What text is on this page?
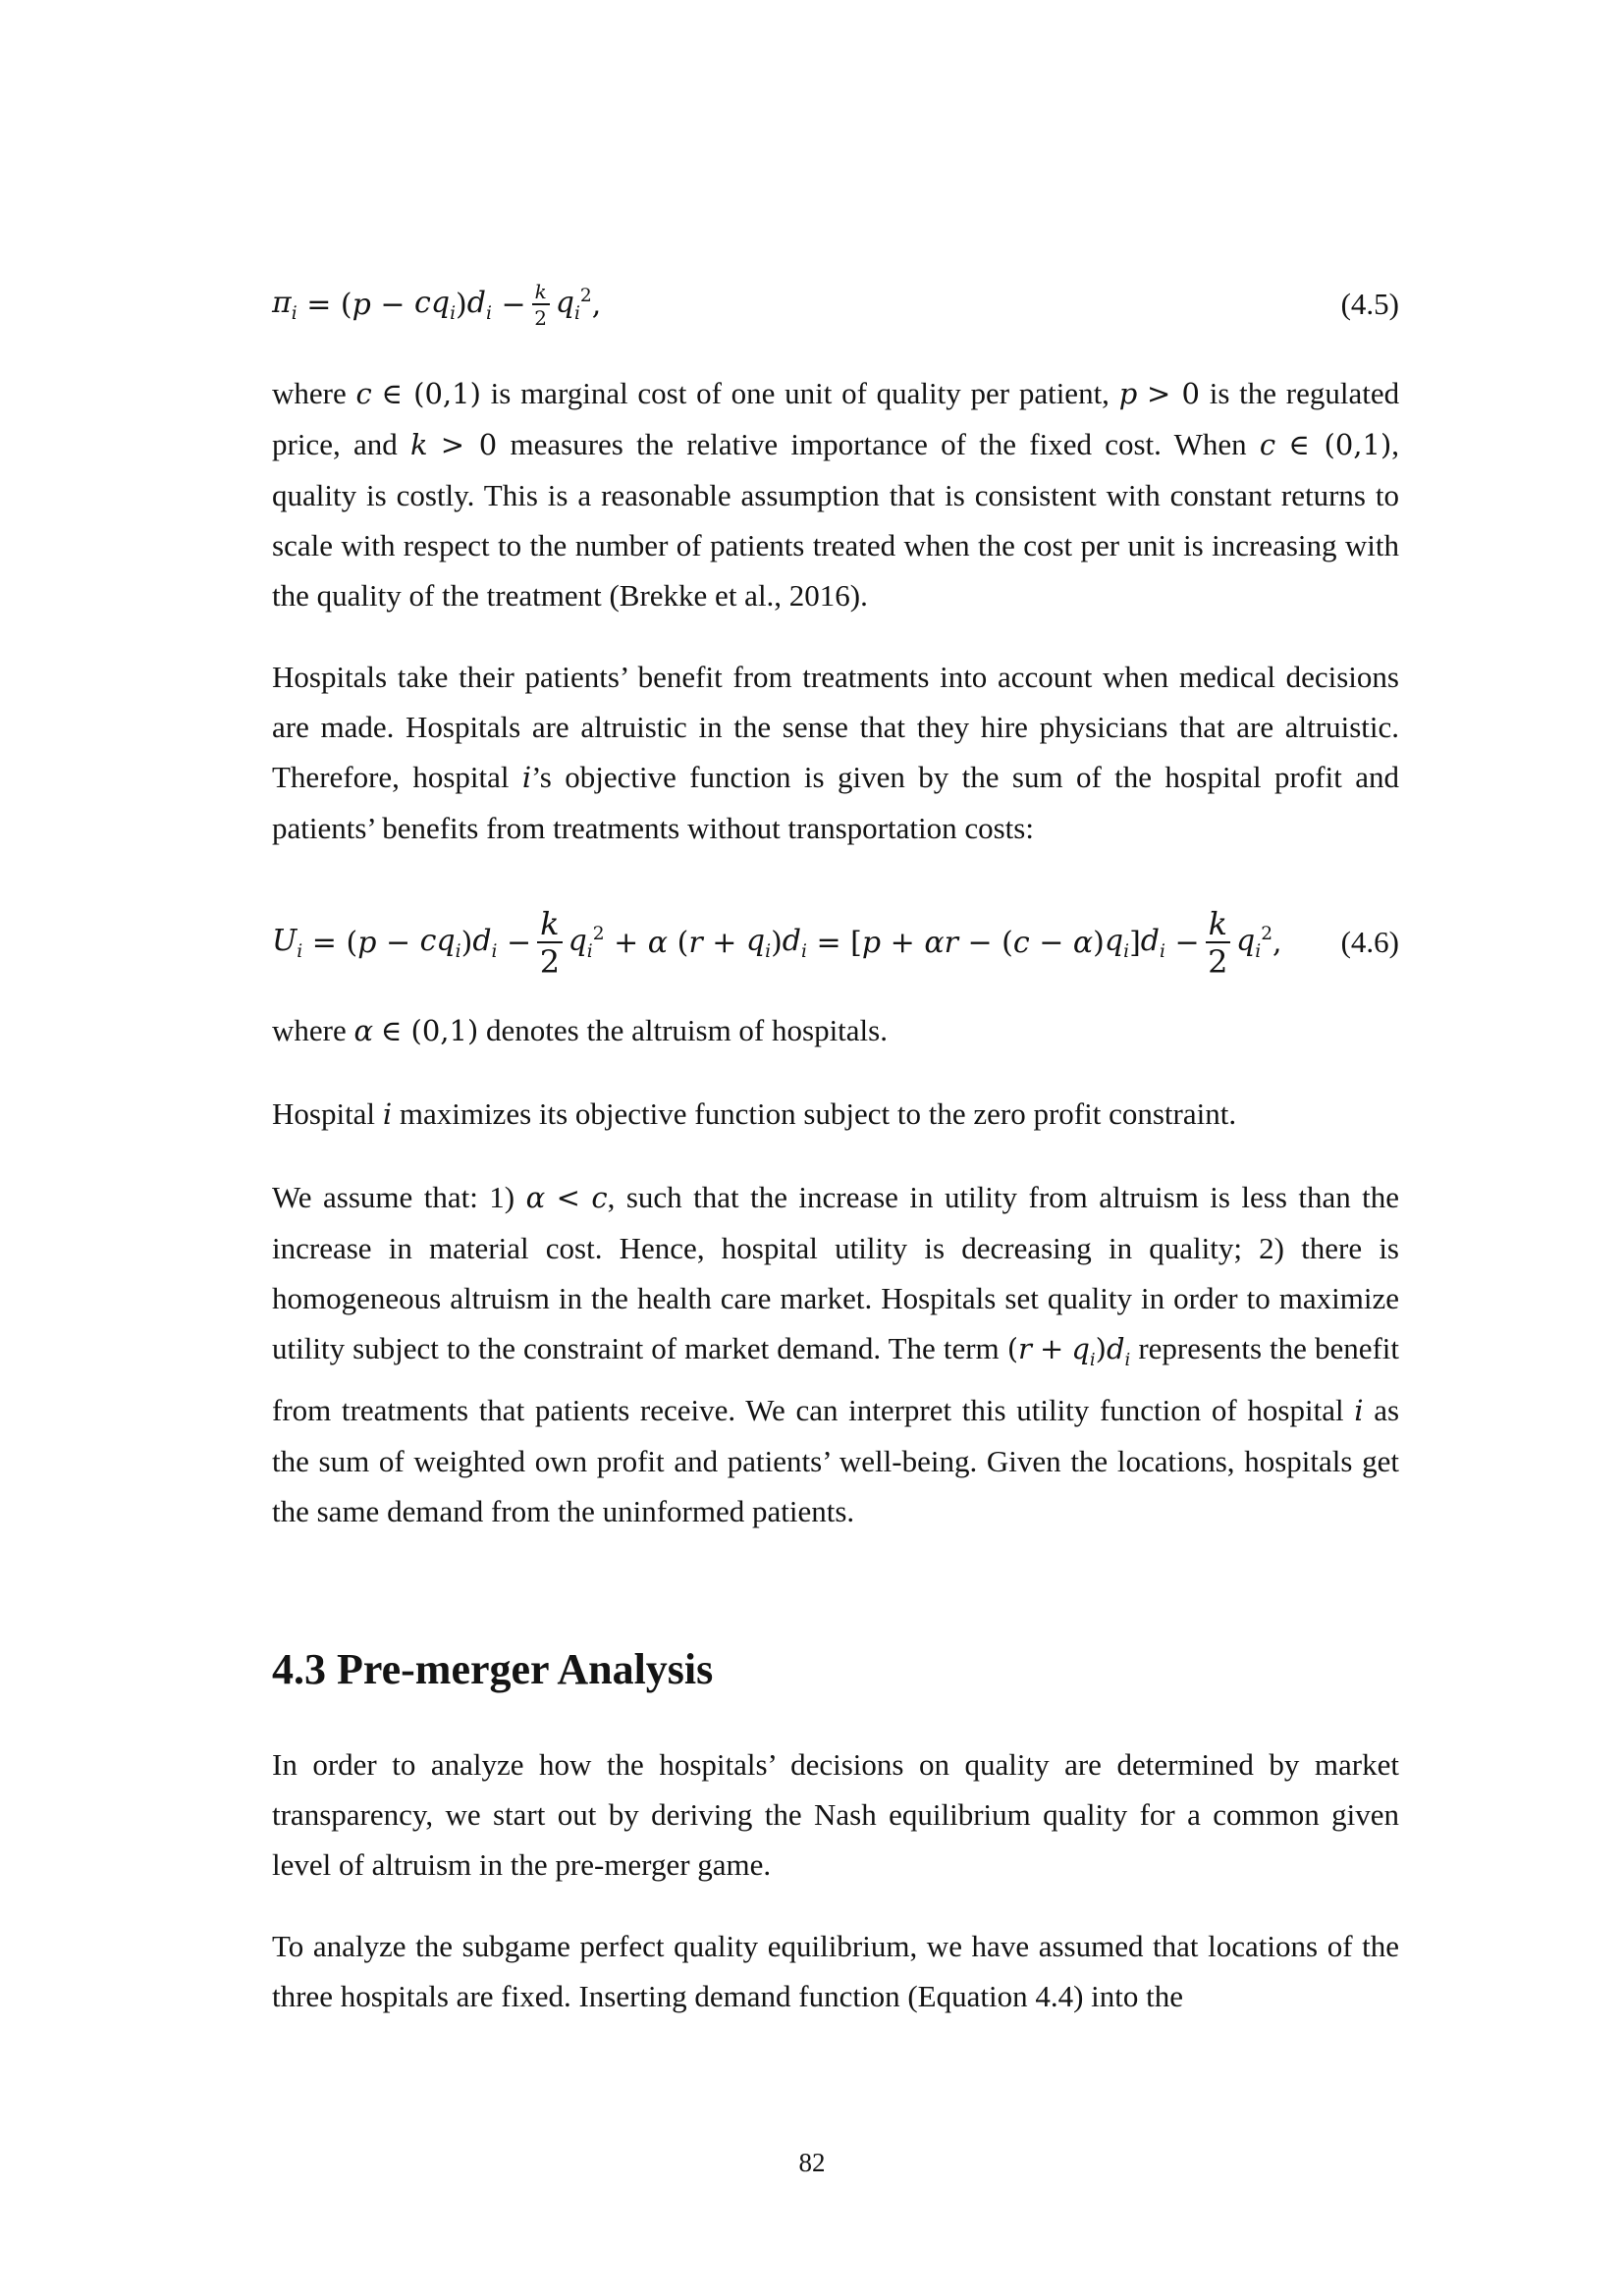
$\pi_i$ = ( $p - cq_i$ ) $d_i - \frac{k}{2} q_i^2$ ,	(4.5)

where c ∈ (0,1) is marginal cost of one unit of quality per patient, p > 0 is the regulated price, and k > 0 measures the relative importance of the fixed cost. When c ∈ (0,1), quality is costly. This is a reasonable assumption that is consistent with constant returns to scale with respect to the number of patients treated when the cost per unit is increasing with the quality of the treatment (Brekke et al., 2016).

Hospitals take their patients’ benefit from treatments into account when medical decisions are made. Hospitals are altruistic in the sense that they hire physicians that are altruistic. Therefore, hospital i’s objective function is given by the sum of the hospital profit and patients’ benefits from treatments without transportation costs:

$U_i$ = ( $p - cq_i$ ) $d_i - \frac{k}{2} q_i^2 + \alpha$
( $r + q_i$ ) $d_i$ = [ p + αr − ( c − α ) $q_i$ ] $d_i - \frac{k}{2} q_i^2$ , (4.6)

where α ∈ (0,1) denotes the altruism of hospitals.

Hospital i maximizes its objective function subject to the zero profit constraint.

We assume that: 1) α < c, such that the increase in utility from altruism is less than the increase in material cost. Hence, hospital utility is decreasing in quality; 2) there is homogeneous altruism in the health care market. Hospitals set quality in order to maximize utility subject to the constraint of market demand. The term $(r + q_i)d_i$ represents the benefit from treatments that patients receive. We can interpret this utility function of hospital i as the sum of weighted own profit and patients’ well-being. Given the locations, hospitals get the same demand from the uninformed patients.

4.3 Pre-merger Analysis

In order to analyze how the hospitals’ decisions on quality are determined by market transparency, we start out by deriving the Nash equilibrium quality for a common given level of altruism in the pre-merger game.

To analyze the subgame perfect quality equilibrium, we have assumed that locations of the three hospitals are fixed. Inserting demand function (Equation 4.4) into the

82
